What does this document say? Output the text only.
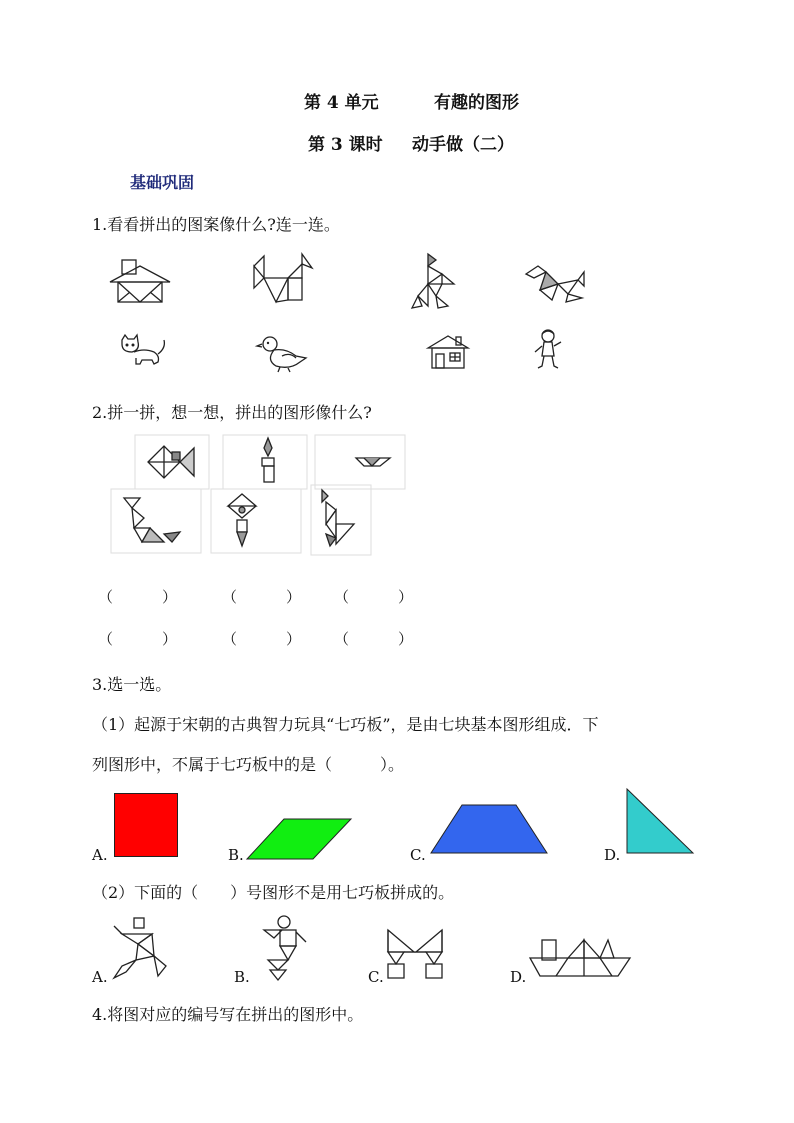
第 4 单元	有趣的图形
第 3 课时 动手做（二）
基础巩固
1.看看拼出的图案像什么?连一连。
2.拼一拼，想一想，拼出的图形像什么?
（　　　）	（　　　） （　　　）
（　　　）	（　　　） （　　　）
3.选一选。
（1）起源于宋朝的古典智力玩具“七巧板”，是由七块基本图形组成．下
列图形中，不属于七巧板中的是（　　　）。
A.	B.	C.	D.
（2）下面的（　　）号图形不是用七巧板拼成的。
A.	B.	C.	D.
4.将图对应的编号写在拼出的图形中。
